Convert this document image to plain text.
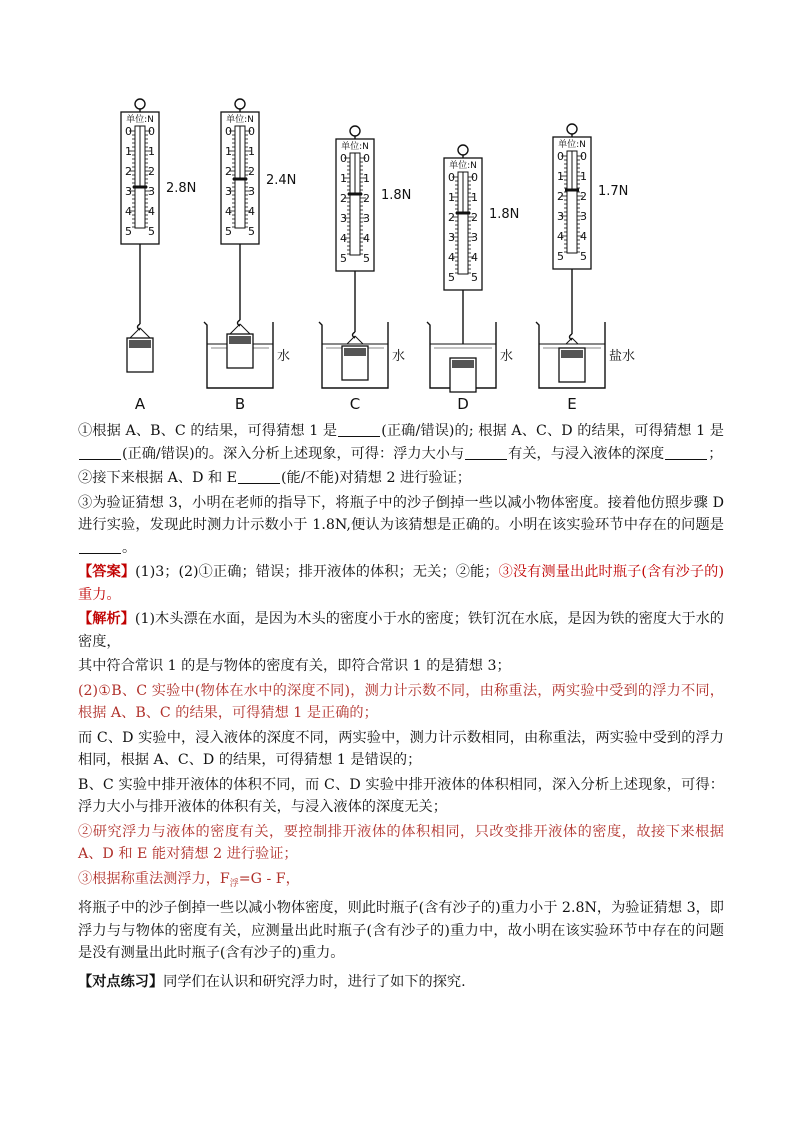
单位:N
0 0
1 1
2 2
3 3
4 4
5 5
2.8N
A
单位:N
0 0
1 1
2 2
3 3
4 4
5 5
2.4N
水
B
单位:N
0 0
1 1
2 2
3 3
4 4
5 5
1.8N
水
C
单位:N
0 0
1 1
2 2
3 3
4 4
5 5
1.8N
水
D
单位:N
0 0
1 1
2 2
3 3
4 4
5 5
1.7N
盐水
E

①根据 A、B、C 的结果，可得猜想 1 是	(正确/错误)的; 根据 A、C、D 的结果，可得猜想 1 是(正确/错误)的。深入分析上述现象，可得：浮力大小与	有关，与浸入液体的深度	；

②接下来根据 A、D 和 E	(能/不能)对猜想 2 进行验证；

③为验证猜想 3，小明在老师的指导下，将瓶子中的沙子倒掉一些以减小物体密度。接着他仿照步骤 D 进行实验，发现此时测力计示数小于 1.8N,便认为该猜想是正确的。小明在该实验环节中存在的问题是。

【答案】(1)3；(2)①正确；错误；排开液体的体积；无关；②能；③没有测量出此时瓶子(含有沙子的)重力。

【解析】(1)木头漂在水面，是因为木头的密度小于水的密度；铁钉沉在水底，是因为铁的密度大于水的密度，

其中符合常识 1 的是与物体的密度有关，即符合常识 1 的是猜想 3；

(2)①B、C 实验中(物体在水中的深度不同)，测力计示数不同，由称重法，两实验中受到的浮力不同，根据 A、B、C 的结果，可得猜想 1 是正确的；

而 C、D 实验中，浸入液体的深度不同，两实验中，测力计示数相同，由称重法，两实验中受到的浮力相同，根据 A、C、D 的结果，可得猜想 1 是错误的；

B、C 实验中排开液体的体积不同，而 C、D 实验中排开液体的体积相同，深入分析上述现象，可得：浮力大小与排开液体的体积有关，与浸入液体的深度无关；

②研究浮力与液体的密度有关，要控制排开液体的体积相同，只改变排开液体的密度，故接下来根据 A、D 和 E 能对猜想 2 进行验证；

③根据称重法测浮力，$F_浮=G - F$，

将瓶子中的沙子倒掉一些以减小物体密度，则此时瓶子(含有沙子的)重力小于 2.8N，为验证猜想 3，即浮力与与物体的密度有关，应测量出此时瓶子(含有沙子的)重力中，故小明在该实验环节中存在的问题是没有测量出此时瓶子(含有沙子的)重力。

【对点练习】同学们在认识和研究浮力时，进行了如下的探究.
